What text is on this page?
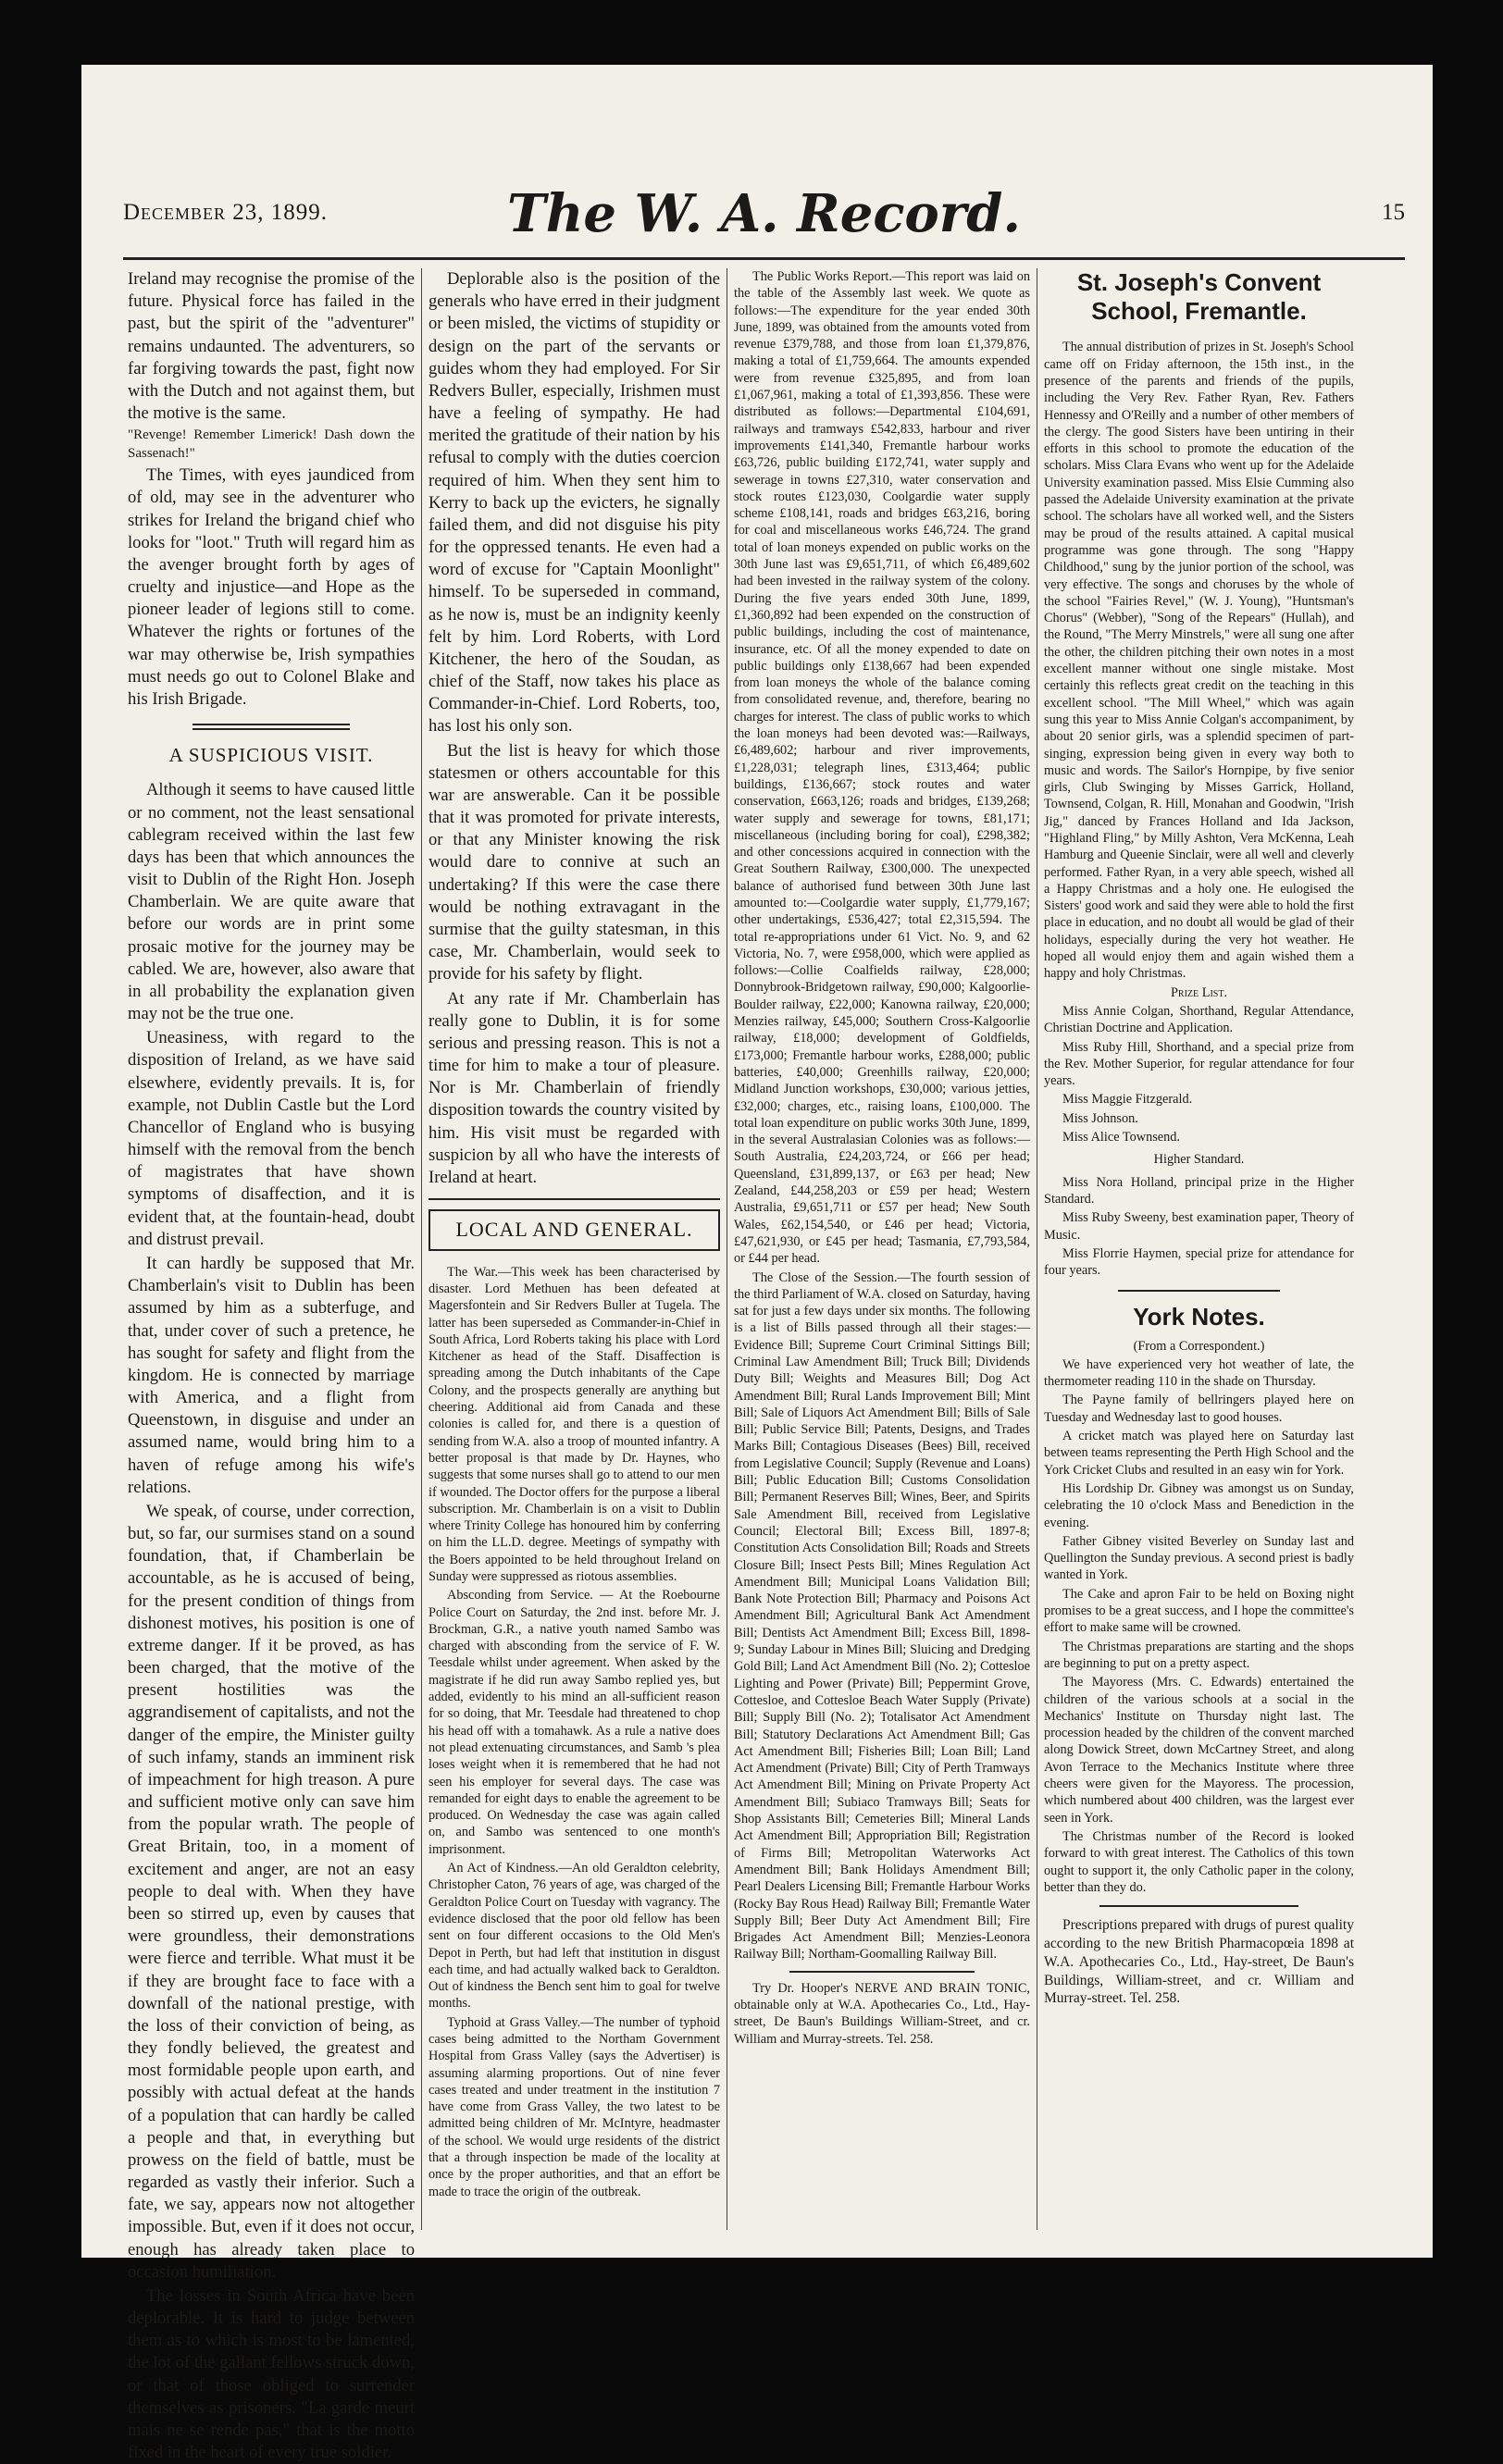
December 23, 1899.	The W. A. Record.	15

Ireland may recognise the promise of the future. Physical force has failed in the past, but the spirit of the "adventurer" remains undaunted. The adventurers, so far forgiving towards the past, fight now with the Dutch and not against them, but the motive is the same.

"Revenge! Remember Limerick! Dash down the Sassenach!"

The Times, with eyes jaundiced from of old, may see in the adventurer who strikes for Ireland the brigand chief who looks for "loot." Truth will regard him as the avenger brought forth by ages of cruelty and injustice—and Hope as the pioneer leader of legions still to come. Whatever the rights or fortunes of the war may otherwise be, Irish sympathies must needs go out to Colonel Blake and his Irish Brigade.

A SUSPICIOUS VISIT.

Although it seems to have caused little or no comment, not the least sensational cablegram received within the last few days has been that which announces the visit to Dublin of the Right Hon. Joseph Chamberlain. We are quite aware that before our words are in print some prosaic motive for the journey may be cabled. We are, however, also aware that in all probability the explanation given may not be the true one.

Uneasiness, with regard to the disposition of Ireland, as we have said elsewhere, evidently prevails. It is, for example, not Dublin Castle but the Lord Chancellor of England who is busying himself with the removal from the bench of magistrates that have shown symptoms of disaffection, and it is evident that, at the fountain-head, doubt and distrust prevail.

It can hardly be supposed that Mr. Chamberlain's visit to Dublin has been assumed by him as a subterfuge, and that, under cover of such a pretence, he has sought for safety and flight from the kingdom. He is connected by marriage with America, and a flight from Queenstown, in disguise and under an assumed name, would bring him to a haven of refuge among his wife's relations.

We speak, of course, under correction, but, so far, our surmises stand on a sound foundation, that, if Chamberlain be accountable, as he is accused of being, for the present condition of things from dishonest motives, his position is one of extreme danger. If it be proved, as has been charged, that the motive of the present hostilities was the aggrandisement of capitalists, and not the danger of the empire, the Minister guilty of such infamy, stands an imminent risk of impeachment for high treason. A pure and sufficient motive only can save him from the popular wrath. The people of Great Britain, too, in a moment of excitement and anger, are not an easy people to deal with. When they have been so stirred up, even by causes that were groundless, their demonstrations were fierce and terrible. What must it be if they are brought face to face with a downfall of the national prestige, with the loss of their conviction of being, as they fondly believed, the greatest and most formidable people upon earth, and possibly with actual defeat at the hands of a population that can hardly be called a people and that, in everything but prowess on the field of battle, must be regarded as vastly their inferior. Such a fate, we say, appears now not altogether impossible. But, even if it does not occur, enough has already taken place to occasion humiliation.

The losses in South Africa have been deplorable. It is hard to judge between them as to which is most to be lamented, the lot of the gallant fellows struck down, or that of those obliged to surrender themselves as prisoners. "La garde meurt mais ne se rende pas," that is the motto fixed in the heart of every true soldier.

Deplorable also is the position of the generals who have erred in their judgment or been misled, the victims of stupidity or design on the part of the servants or guides whom they had employed. For Sir Redvers Buller, especially, Irishmen must have a feeling of sympathy. He had merited the gratitude of their nation by his refusal to comply with the duties coercion required of him. When they sent him to Kerry to back up the evicters, he signally failed them, and did not disguise his pity for the oppressed tenants. He even had a word of excuse for "Captain Moonlight" himself. To be superseded in command, as he now is, must be an indignity keenly felt by him. Lord Roberts, with Lord Kitchener, the hero of the Soudan, as chief of the Staff, now takes his place as Commander-in-Chief. Lord Roberts, too, has lost his only son.

But the list is heavy for which those statesmen or others accountable for this war are answerable. Can it be possible that it was promoted for private interests, or that any Minister knowing the risk would dare to connive at such an undertaking? If this were the case there would be nothing extravagant in the surmise that the guilty statesman, in this case, Mr. Chamberlain, would seek to provide for his safety by flight.

At any rate if Mr. Chamberlain has really gone to Dublin, it is for some serious and pressing reason. This is not a time for him to make a tour of pleasure. Nor is Mr. Chamberlain of friendly disposition towards the country visited by him. His visit must be regarded with suspicion by all who have the interests of Ireland at heart.

LOCAL AND GENERAL.

The War.—This week has been characterised by disaster. Lord Methuen has been defeated at Magersfontein and Sir Redvers Buller at Tugela. The latter has been superseded as Commander-in-Chief in South Africa, Lord Roberts taking his place with Lord Kitchener as head of the Staff. Disaffection is spreading among the Dutch inhabitants of the Cape Colony, and the prospects generally are anything but cheering. Additional aid from Canada and these colonies is called for, and there is a question of sending from W.A. also a troop of mounted infantry. A better proposal is that made by Dr. Haynes, who suggests that some nurses shall go to attend to our men if wounded. The Doctor offers for the purpose a liberal subscription. Mr. Chamberlain is on a visit to Dublin where Trinity College has honoured him by conferring on him the LL.D. degree. Meetings of sympathy with the Boers appointed to be held throughout Ireland on Sunday were suppressed as riotous assemblies.

Absconding from Service. — At the Roebourne Police Court on Saturday, the 2nd inst. before Mr. J. Brockman, G.R., a native youth named Sambo was charged with absconding from the service of F. W. Teesdale whilst under agreement. When asked by the magistrate if he did run away Sambo replied yes, but added, evidently to his mind an all-sufficient reason for so doing, that Mr. Teesdale had threatened to chop his head off with a tomahawk. As a rule a native does not plead extenuating circumstances, and Samb 's plea loses weight when it is remembered that he had not seen his employer for several days. The case was remanded for eight days to enable the agreement to be produced. On Wednesday the case was again called on, and Sambo was sentenced to one month's imprisonment.

An Act of Kindness.—An old Geraldton celebrity, Christopher Caton, 76 years of age, was charged of the Geraldton Police Court on Tuesday with vagrancy. The evidence disclosed that the poor old fellow has been sent on four different occasions to the Old Men's Depot in Perth, but had left that institution in disgust each time, and had actually walked back to Geraldton. Out of kindness the Bench sent him to goal for twelve months.

Typhoid at Grass Valley.—The number of typhoid cases being admitted to the Northam Government Hospital from Grass Valley (says the Advertiser) is assuming alarming proportions. Out of nine fever cases treated and under treatment in the institution 7 have come from Grass Valley, the two latest to be admitted being children of Mr. McIntyre, headmaster of the school. We would urge residents of the district that a through inspection be made of the locality at once by the proper authorities, and that an effort be made to trace the origin of the outbreak.

The Public Works Report.—This report was laid on the table of the Assembly last week. We quote as follows:—The expenditure for the year ended 30th June, 1899, was obtained from the amounts voted from revenue £379,788, and those from loan £1,379,876, making a total of £1,759,664. The amounts expended were from revenue £325,895, and from loan £1,067,961, making a total of £1,393,856. These were distributed as follows:—Departmental £104,691, railways and tramways £542,833, harbour and river improvements £141,340, Fremantle harbour works £63,726, public building £172,741, water supply and sewerage in towns £27,310, water conservation and stock routes £123,030, Coolgardie water supply scheme £108,141, roads and bridges £63,216, boring for coal and miscellaneous works £46,724. The grand total of loan moneys expended on public works on the 30th June last was £9,651,711, of which £6,489,602 had been invested in the railway system of the colony. During the five years ended 30th June, 1899, £1,360,892 had been expended on the construction of public buildings, including the cost of maintenance, insurance, etc. Of all the money expended to date on public buildings only £138,667 had been expended from loan moneys the whole of the balance coming from consolidated revenue, and, therefore, bearing no charges for interest. The class of public works to which the loan moneys had been devoted was:—Railways, £6,489,602; harbour and river improvements, £1,228,031; telegraph lines, £313,464; public buildings, £136,667; stock routes and water conservation, £663,126; roads and bridges, £139,268; water supply and sewerage for towns, £81,171; miscellaneous (including boring for coal), £298,382; and other concessions acquired in connection with the Great Southern Railway, £300,000. The unexpected balance of authorised fund between 30th June last amounted to:—Coolgardie water supply, £1,779,167; other undertakings, £536,427; total £2,315,594. The total re-appropriations under 61 Vict. No. 9, and 62 Victoria, No. 7, were £958,000, which were applied as follows:—Collie Coalfields railway, £28,000; Donnybrook-Bridgetown railway, £90,000; Kalgoorlie-Boulder railway, £22,000; Kanowna railway, £20,000; Menzies railway, £45,000; Southern Cross-Kalgoorlie railway, £18,000; development of Goldfields, £173,000; Fremantle harbour works, £288,000; public batteries, £40,000; Greenhills railway, £20,000; Midland Junction workshops, £30,000; various jetties, £32,000; charges, etc., raising loans, £100,000. The total loan expenditure on public works 30th June, 1899, in the several Australasian Colonies was as follows:—South Australia, £24,203,724, or £66 per head; Queensland, £31,899,137, or £63 per head; New Zealand, £44,258,203 or £59 per head; Western Australia, £9,651,711 or £57 per head; New South Wales, £62,154,540, or £46 per head; Victoria, £47,621,930, or £45 per head; Tasmania, £7,793,584, or £44 per head.

The Close of the Session.—The fourth session of the third Parliament of W.A. closed on Saturday, having sat for just a few days under six months. The following is a list of Bills passed through all their stages:—Evidence Bill; Supreme Court Criminal Sittings Bill; Criminal Law Amendment Bill; Truck Bill; Dividends Duty Bill; Weights and Measures Bill; Dog Act Amendment Bill; Rural Lands Improvement Bill; Mint Bill; Sale of Liquors Act Amendment Bill; Bills of Sale Bill; Public Service Bill; Patents, Designs, and Trades Marks Bill; Contagious Diseases (Bees) Bill, received from Legislative Council; Supply (Revenue and Loans) Bill; Public Education Bill; Customs Consolidation Bill; Permanent Reserves Bill; Wines, Beer, and Spirits Sale Amendment Bill, received from Legislative Council; Electoral Bill; Excess Bill, 1897-8; Constitution Acts Consolidation Bill; Roads and Streets Closure Bill; Insect Pests Bill; Mines Regulation Act Amendment Bill; Municipal Loans Validation Bill; Bank Note Protection Bill; Pharmacy and Poisons Act Amendment Bill; Agricultural Bank Act Amendment Bill; Dentists Act Amendment Bill; Excess Bill, 1898-9; Sunday Labour in Mines Bill; Sluicing and Dredging Gold Bill; Land Act Amendment Bill (No. 2); Cottesloe Lighting and Power (Private) Bill; Peppermint Grove, Cottesloe, and Cottesloe Beach Water Supply (Private) Bill; Supply Bill (No. 2); Totalisator Act Amendment Bill; Statutory Declarations Act Amendment Bill; Gas Act Amendment Bill; Fisheries Bill; Loan Bill; Land Act Amendment (Private) Bill; City of Perth Tramways Act Amendment Bill; Mining on Private Property Act Amendment Bill; Subiaco Tramways Bill; Seats for Shop Assistants Bill; Cemeteries Bill; Mineral Lands Act Amendment Bill; Appropriation Bill; Registration of Firms Bill; Metropolitan Waterworks Act Amendment Bill; Bank Holidays Amendment Bill; Pearl Dealers Licensing Bill; Fremantle Harbour Works (Rocky Bay Rous Head) Railway Bill; Fremantle Water Supply Bill; Beer Duty Act Amendment Bill; Fire Brigades Act Amendment Bill; Menzies-Leonora Railway Bill; Northam-Goomalling Railway Bill.

Try Dr. Hooper's NERVE AND BRAIN TONIC, obtainable only at W.A. Apothecaries Co., Ltd., Hay-street, De Baun's Buildings William-Street, and cr. William and Murray-streets. Tel. 258.

St. Joseph's Convent School, Fremantle.

The annual distribution of prizes in St. Joseph's School came off on Friday afternoon, the 15th inst., in the presence of the parents and friends of the pupils, including the Very Rev. Father Ryan, Rev. Fathers Hennessy and O'Reilly and a number of other members of the clergy. The good Sisters have been untiring in their efforts in this school to promote the education of the scholars. Miss Clara Evans who went up for the Adelaide University examination passed. Miss Elsie Cumming also passed the Adelaide University examination at the private school. The scholars have all worked well, and the Sisters may be proud of the results attained. A capital musical programme was gone through. The song "Happy Childhood," sung by the junior portion of the school, was very effective. The songs and choruses by the whole of the school "Fairies Revel," (W. J. Young), "Huntsman's Chorus" (Webber), "Song of the Repears" (Hullah), and the Round, "The Merry Minstrels," were all sung one after the other, the children pitching their own notes in a most excellent manner without one single mistake. Most certainly this reflects great credit on the teaching in this excellent school. "The Mill Wheel," which was again sung this year to Miss Annie Colgan's accompaniment, by about 20 senior girls, was a splendid specimen of part-singing, expression being given in every way both to music and words. The Sailor's Hornpipe, by five senior girls, Club Swinging by Misses Garrick, Holland, Townsend, Colgan, R. Hill, Monahan and Goodwin, "Irish Jig," danced by Frances Holland and Ida Jackson, "Highland Fling," by Milly Ashton, Vera McKenna, Leah Hamburg and Queenie Sinclair, were all well and cleverly performed. Father Ryan, in a very able speech, wished all a Happy Christmas and a holy one. He eulogised the Sisters' good work and said they were able to hold the first place in education, and no doubt all would be glad of their holidays, especially during the very hot weather. He hoped all would enjoy them and again wished them a happy and holy Christmas.

Prize List.

Miss Annie Colgan, Shorthand, Regular Attendance, Christian Doctrine and Application.

Miss Ruby Hill, Shorthand, and a special prize from the Rev. Mother Superior, for regular attendance for four years.

Miss Maggie Fitzgerald.

Miss Johnson.

Miss Alice Townsend.

Higher Standard.

Miss Nora Holland, principal prize in the Higher Standard.

Miss Ruby Sweeny, best examination paper, Theory of Music.

Miss Florrie Haymen, special prize for attendance for four years.

York Notes.

(From a Correspondent.)

We have experienced very hot weather of late, the thermometer reading 110 in the shade on Thursday.

The Payne family of bellringers played here on Tuesday and Wednesday last to good houses.

A cricket match was played here on Saturday last between teams representing the Perth High School and the York Cricket Clubs and resulted in an easy win for York.

His Lordship Dr. Gibney was amongst us on Sunday, celebrating the 10 o'clock Mass and Benediction in the evening.

Father Gibney visited Beverley on Sunday last and Quellington the Sunday previous. A second priest is badly wanted in York.

The Cake and apron Fair to be held on Boxing night promises to be a great success, and I hope the committee's effort to make same will be crowned.

The Christmas preparations are starting and the shops are beginning to put on a pretty aspect.

The Mayoress (Mrs. C. Edwards) entertained the children of the various schools at a social in the Mechanics' Institute on Thursday night last. The procession headed by the children of the convent marched along Dowick Street, down McCartney Street, and along Avon Terrace to the Mechanics Institute where three cheers were given for the Mayoress. The procession, which numbered about 400 children, was the largest ever seen in York.

The Christmas number of the Record is looked forward to with great interest. The Catholics of this town ought to support it, the only Catholic paper in the colony, better than they do.

Prescriptions prepared with drugs of purest quality according to the new British Pharmacopœia 1898 at W.A. Apothecaries Co., Ltd., Hay-street, De Baun's Buildings, William-street, and cr. William and Murray-street. Tel. 258.
